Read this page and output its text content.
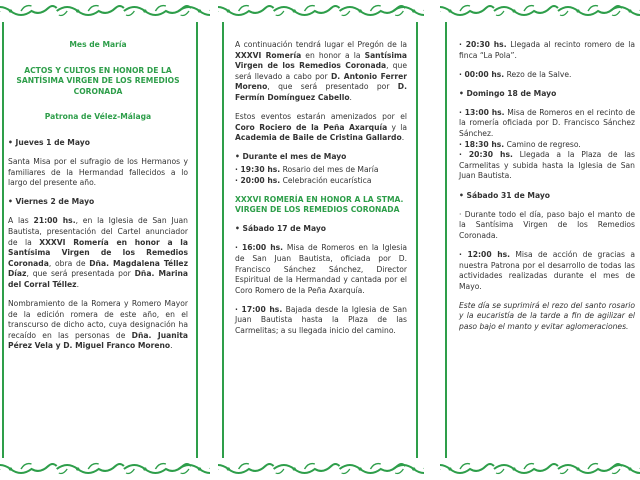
Mes de María

ACTOS Y CULTOS EN HONOR DE LA SANTÍSIMA VIRGEN DE LOS REMEDIOS CORONADA

Patrona de Vélez-Málaga

• Jueves 1 de Mayo

Santa Misa por el sufragio de los Hermanos y familiares de la Hermandad fallecidos a lo largo del presente año.

• Viernes 2 de Mayo

A las 21:00 hs., en la Iglesia de San Juan Bautista, presentación del Cartel anunciador de la XXXVI Romería en honor a la Santísima Virgen de los Remedios Coronada, obra de Dña. Magdalena Téllez Díaz, que será presentada por Dña. Marina del Corral Téllez.

Nombramiento de la Romera y Romero Mayor de la edición romera de este año, en el transcurso de dicho acto, cuya designación ha recaído en las personas de Dña. Juanita Pérez Vela y D. Miguel Franco Moreno.

A continuación tendrá lugar el Pregón de la XXXVI Romería en honor a la Santísima Virgen de los Remedios Coronada, que será llevado a cabo por D. Antonio Ferrer Moreno, que será presentado por D. Fermín Domínguez Cabello.

Estos eventos estarán amenizados por el Coro Rociero de la Peña Axarquía y la Academia de Baile de Cristina Gallardo.

• Durante el mes de Mayo

· 19:30 hs. Rosario del mes de María

· 20:00 hs. Celebración eucarística

XXXVI ROMERÍA EN HONOR A LA STMA. VIRGEN DE LOS REMEDIOS CORONADA

• Sábado 17 de Mayo

· 16:00 hs. Misa de Romeros en la Iglesia de San Juan Bautista, oficiada por D. Francisco Sánchez Sánchez, Director Espiritual de la Hermandad y cantada por el Coro Romero de la Peña Axarquía.

· 17:00 hs. Bajada desde la Iglesia de San Juan Bautista hasta la Plaza de las Carmelitas; a su llegada inicio del camino.

· 20:30 hs. Llegada al recinto romero de la finca “La Pola”.

· 00:00 hs. Rezo de la Salve.

• Domingo 18 de Mayo

· 13:00 hs. Misa de Romeros en el recinto de la romería oficiada por D. Francisco Sánchez Sánchez.
· 18:30 hs. Camino de regreso.

· 20:30 hs. Llegada a la Plaza de las Carmelitas y subida hasta la Iglesia de San Juan Bautista.

• Sábado 31 de Mayo

· Durante todo el día, paso bajo el manto de la Santísima Virgen de los Remedios Coronada.

· 12:00 hs. Misa de acción de gracias a nuestra Patrona por el desarrollo de todas las actividades realizadas durante el mes de Mayo.

Este día se suprimirá el rezo del santo rosario y la eucaristía de la tarde a fin de agilizar el paso bajo el manto y evitar aglomeraciones.
